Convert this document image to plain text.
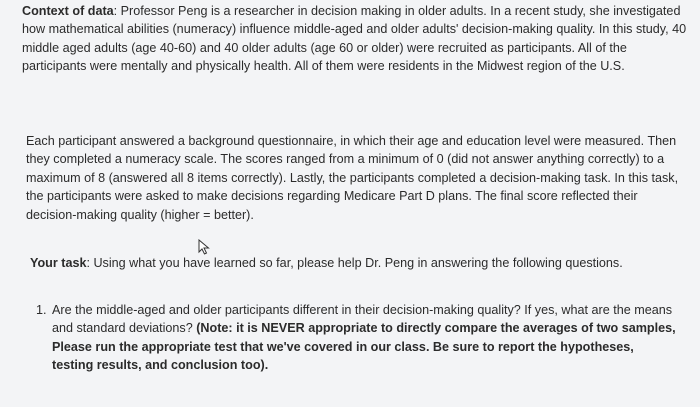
Context of data: Professor Peng is a researcher in decision making in older adults. In a recent study, she investigated how mathematical abilities (numeracy) influence middle-aged and older adults' decision-making quality. In this study, 40 middle aged adults (age 40-60) and 40 older adults (age 60 or older) were recruited as participants. All of the participants were mentally and physically health. All of them were residents in the Midwest region of the U.S.

Each participant answered a background questionnaire, in which their age and education level were measured. Then they completed a numeracy scale. The scores ranged from a minimum of 0 (did not answer anything correctly) to a maximum of 8 (answered all 8 items correctly). Lastly, the participants completed a decision-making task. In this task, the participants were asked to make decisions regarding Medicare Part D plans. The final score reflected their decision-making quality (higher = better).

Your task: Using what you have learned so far, please help Dr. Peng in answering the following questions.

1. Are the middle-aged and older participants different in their decision-making quality? If yes, what are the means and standard deviations? (Note: it is NEVER appropriate to directly compare the averages of two samples, Please run the appropriate test that we've covered in our class. Be sure to report the hypotheses, testing results, and conclusion too).
